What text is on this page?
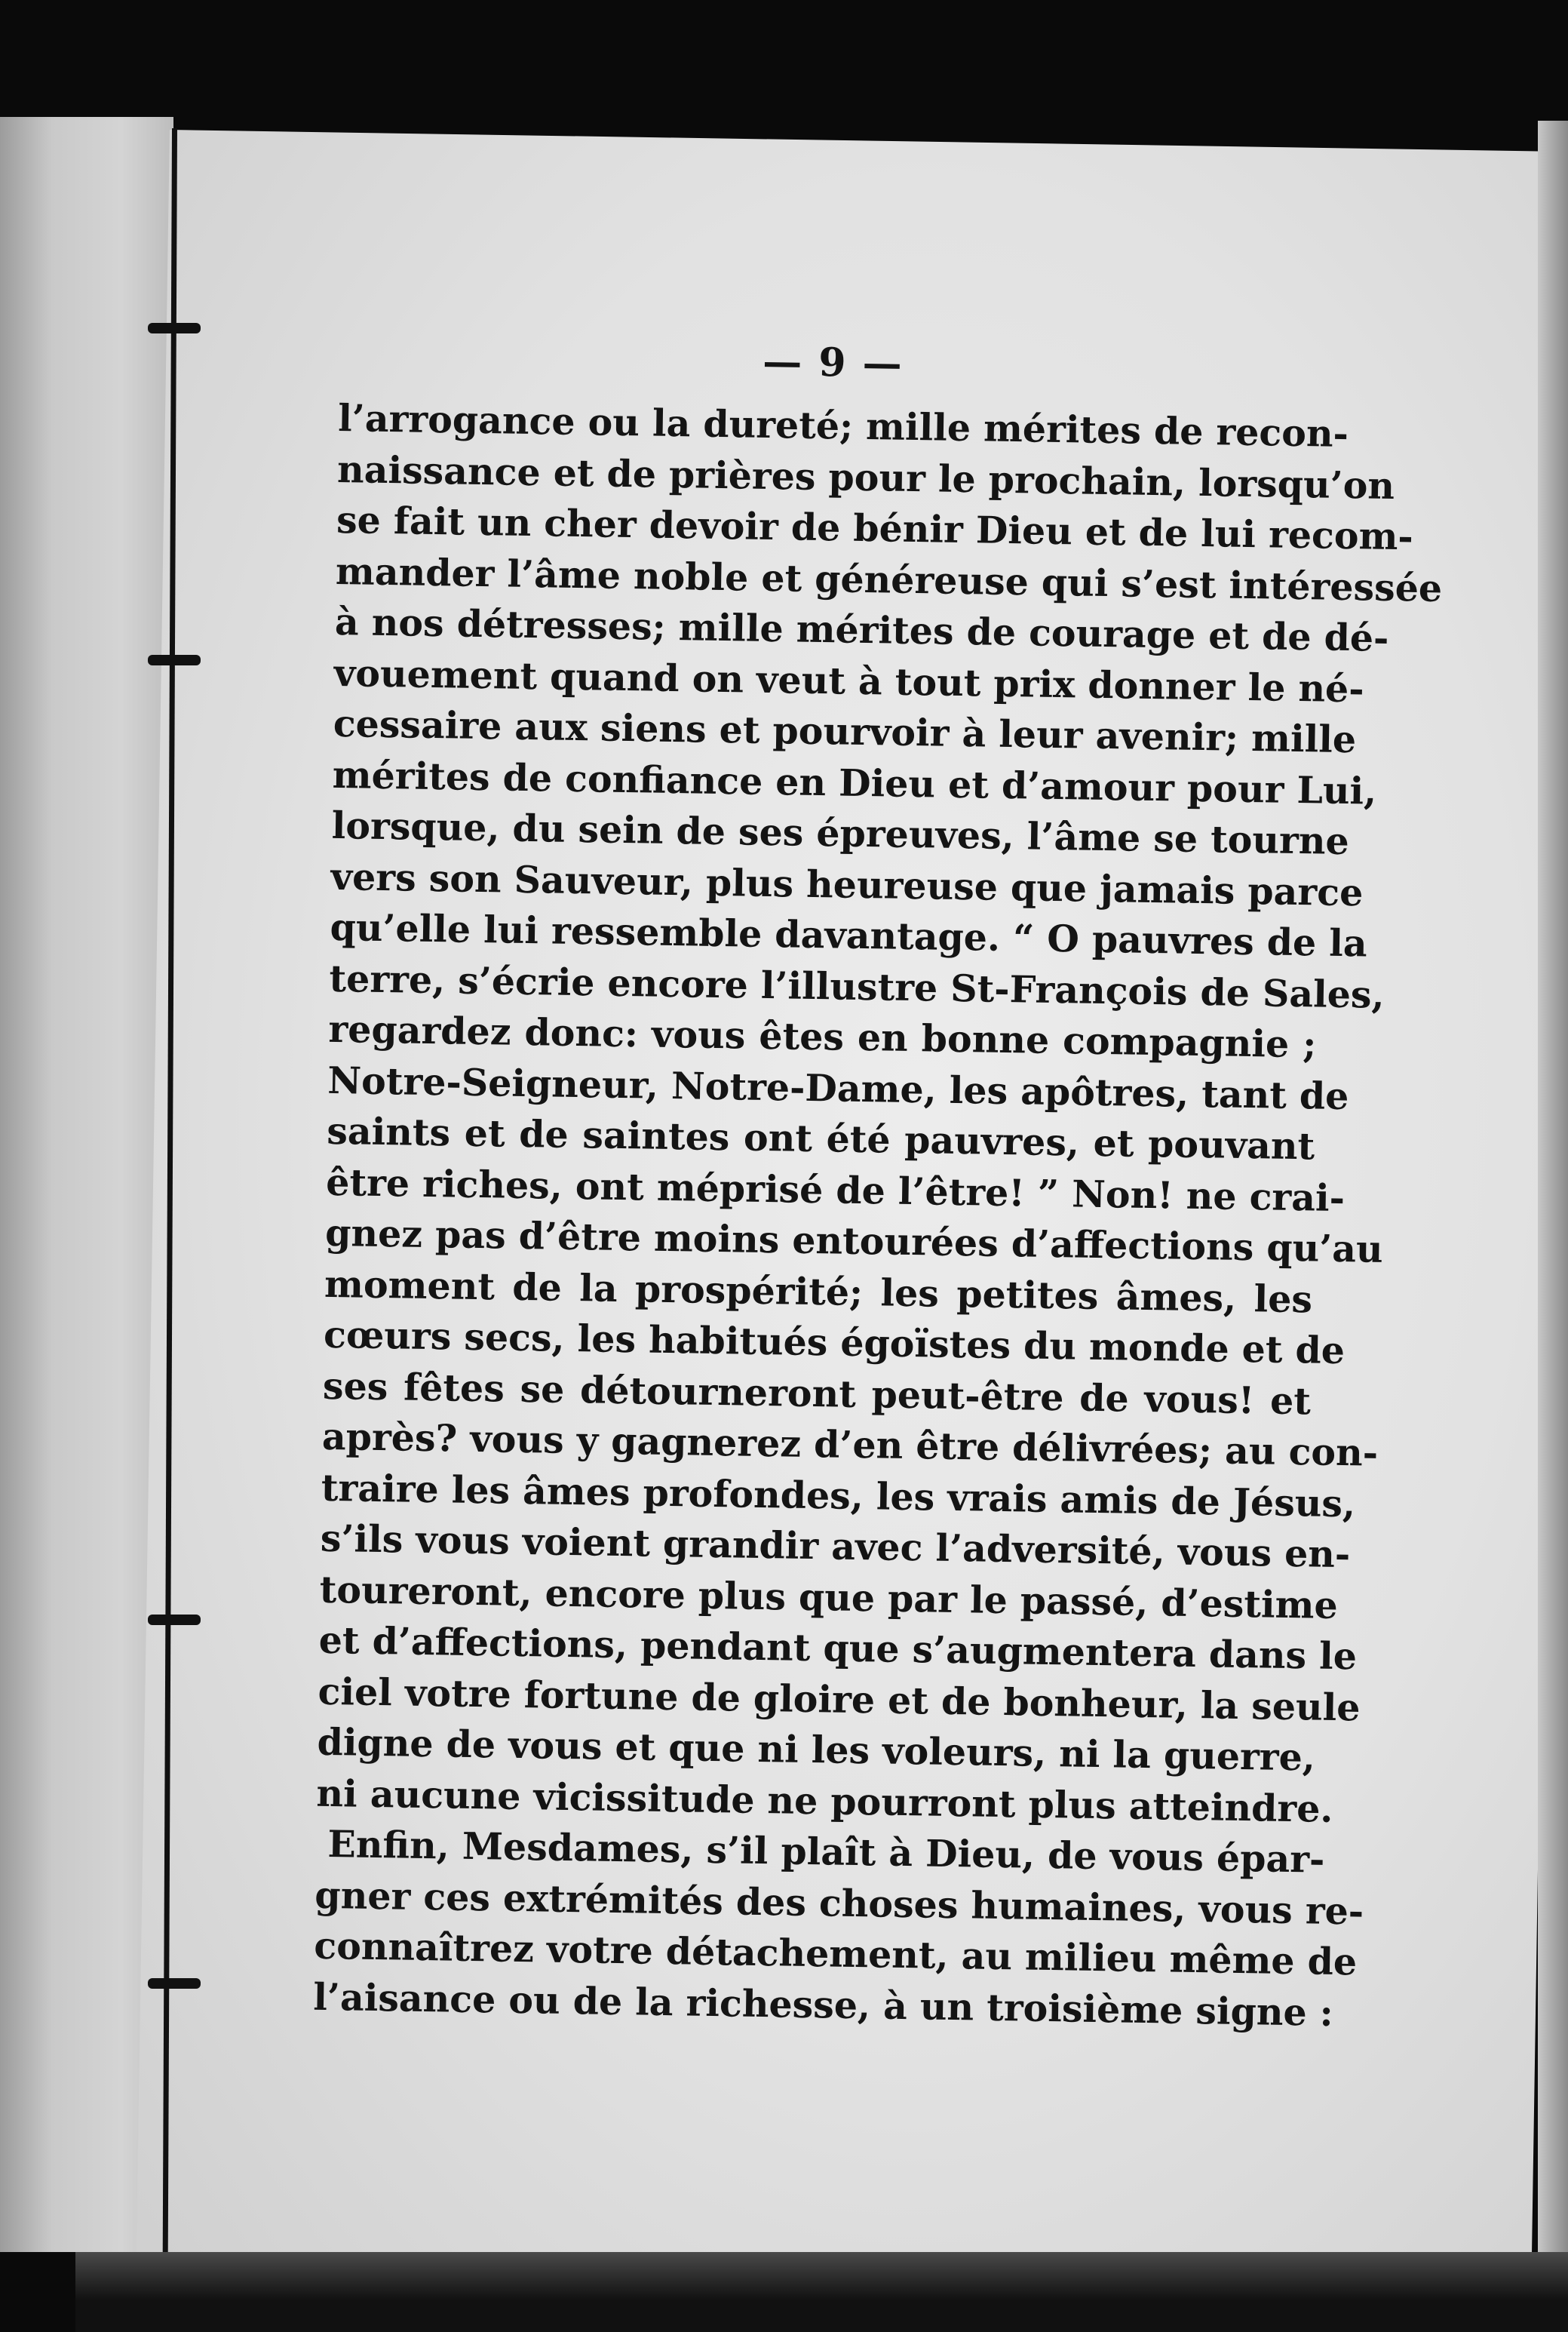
— 9 —
l’arrogance ou la dureté; mille mérites de recon-
naissance et de prières pour le prochain, lorsqu’on
se fait un cher devoir de bénir Dieu et de lui recom-
mander l’âme noble et généreuse qui s’est intéressée
à nos détresses; mille mérites de courage et de dé-
vouement quand on veut à tout prix donner le né-
cessaire aux siens et pourvoir à leur avenir; mille
mérites de confiance en Dieu et d’amour pour Lui,
lorsque, du sein de ses épreuves, l’âme se tourne
vers son Sauveur, plus heureuse que jamais parce
qu’elle lui ressemble davantage. “ O pauvres de la
terre, s’écrie encore l’illustre St-François de Sales,
regardez donc: vous êtes en bonne compagnie ;
Notre-Seigneur, Notre-Dame, les apôtres, tant de
saints et de saintes ont été pauvres, et pouvant
être riches, ont méprisé de l’être! ” Non! ne crai-
gnez pas d’être moins entourées d’affections qu’au
moment de la prospérité; les petites âmes, les
cœurs secs, les habitués égoïstes du monde et de
ses fêtes se détourneront peut-être de vous! et
après? vous y gagnerez d’en être délivrées; au con-
traire les âmes profondes, les vrais amis de Jésus,
s’ils vous voient grandir avec l’adversité, vous en-
toureront, encore plus que par le passé, d’estime
et d’affections, pendant que s’augmentera dans le
ciel votre fortune de gloire et de bonheur, la seule
digne de vous et que ni les voleurs, ni la guerre,
ni aucune vicissitude ne pourront plus atteindre.
Enfin, Mesdames, s’il plaît à Dieu, de vous épar-
gner ces extrémités des choses humaines, vous re-
connaîtrez votre détachement, au milieu même de
l’aisance ou de la richesse, à un troisième signe :
